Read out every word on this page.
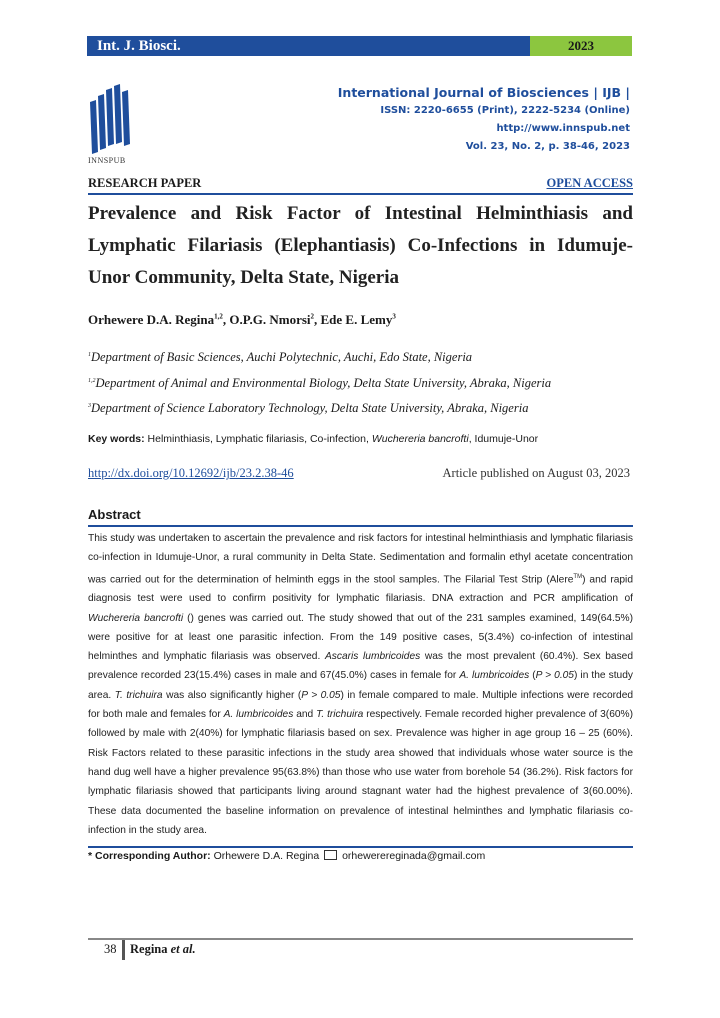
Int. J. Biosci.	2023
INNSPUB
International Journal of Biosciences | IJB |
ISSN: 2220-6655 (Print), 2222-5234 (Online)
http://www.innspub.net
Vol. 23, No. 2, p. 38-46, 2023
RESEARCH PAPER	OPEN ACCESS
Prevalence and Risk Factor of Intestinal Helminthiasis and Lymphatic Filariasis (Elephantiasis) Co-Infections in Idumuje-Unor Community, Delta State, Nigeria
Orhewere D.A. Regina$^{1,2}$, O.P.G. Nmorsi$^2$, Ede E. Lemy$^3$
$^1$Department of Basic Sciences, Auchi Polytechnic, Auchi, Edo State, Nigeria
$^{1,2}$Department of Animal and Environmental Biology, Delta State University, Abraka, Nigeria
$^3$Department of Science Laboratory Technology, Delta State University, Abraka, Nigeria
Key words: Helminthiasis, Lymphatic filariasis, Co-infection, Wuchereria bancrofti, Idumuje-Unor
http://dx.doi.org/10.12692/ijb/23.2.38-46	Article published on August 03, 2023
Abstract
This study was undertaken to ascertain the prevalence and risk factors for intestinal helminthiasis and lymphatic filariasis co-infection in Idumuje-Unor, a rural community in Delta State. Sedimentation and formalin ethyl acetate concentration was carried out for the determination of helminth eggs in the stool samples. The Filarial Test Strip (Alere™) and rapid diagnosis test were used to confirm positivity for lymphatic filariasis. DNA extraction and PCR amplification of Wuchereria bancrofti () genes was carried out. The study showed that out of the 231 samples examined, 149(64.5%) were positive for at least one parasitic infection. From the 149 positive cases, 5(3.4%) co-infection of intestinal helminthes and lymphatic filariasis was observed. Ascaris lumbricoides was the most prevalent (60.4%). Sex based prevalence recorded 23(15.4%) cases in male and 67(45.0%) cases in female for A. lumbricoides (P > 0.05) in the study area. T. trichuira was also significantly higher (P > 0.05) in female compared to male. Multiple infections were recorded for both male and females for A. lumbricoides and T. trichuira respectively. Female recorded higher prevalence of 3(60%) followed by male with 2(40%) for lymphatic filariasis based on sex. Prevalence was higher in age group 16 – 25 (60%). Risk Factors related to these parasitic infections in the study area showed that individuals whose water source is the hand dug well have a higher prevalence 95(63.8%) than those who use water from borehole 54 (36.2%). Risk factors for lymphatic filariasis showed that participants living around stagnant water had the highest prevalence of 3(60.00%). These data documented the baseline information on prevalence of intestinal helminthes and lymphatic filariasis co-infection in the study area.
* Corresponding Author: Orhewere D.A. Regina orhewerereginada@gmail.com
38 Regina et al.
